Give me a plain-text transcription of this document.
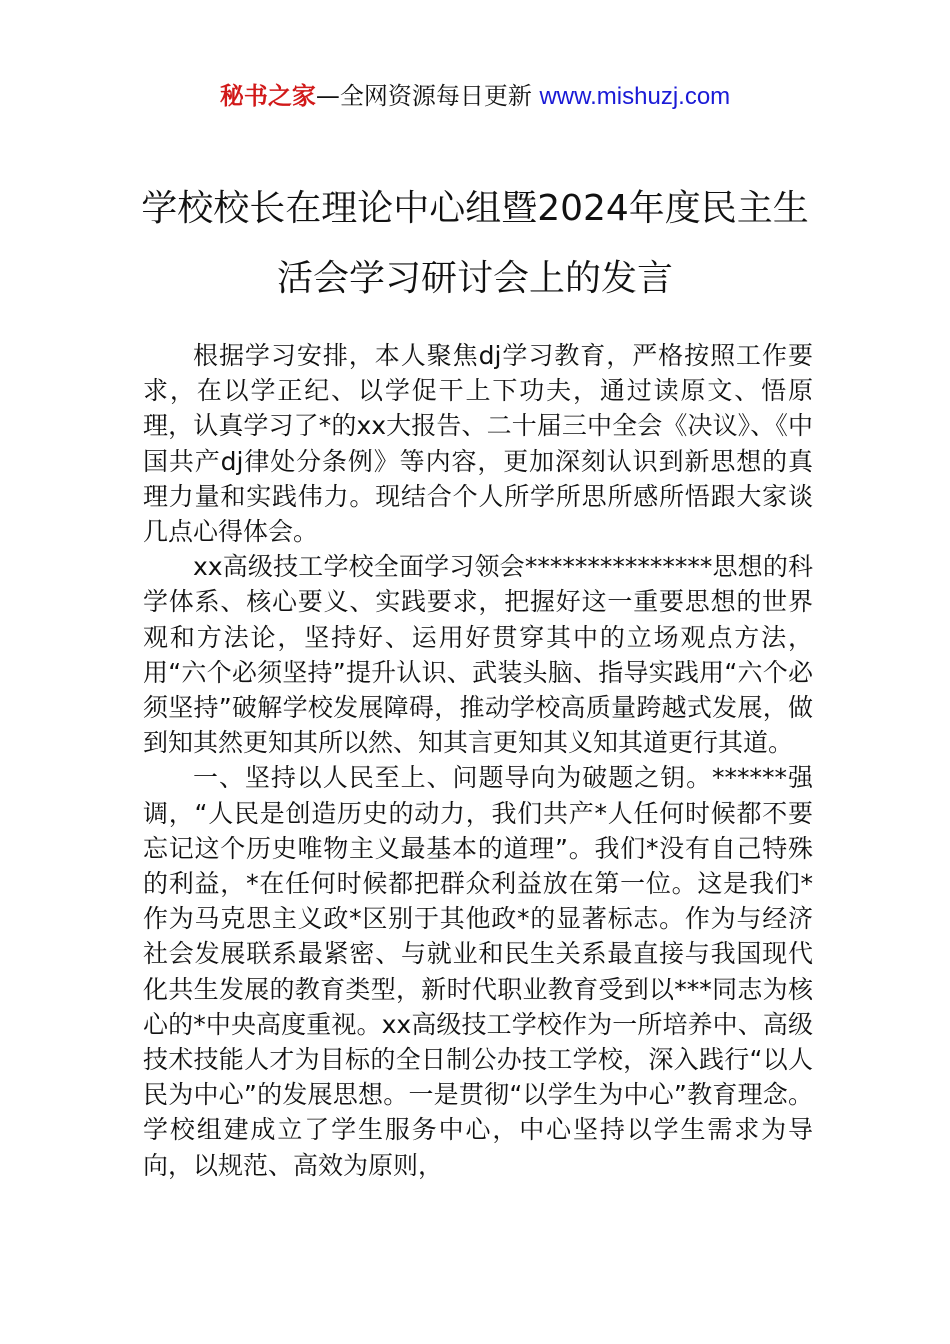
秘书之家—全网资源每日更新 www.mishuzj.com
学校校长在理论中心组暨2024年度民主生
活会学习研讨会上的发言

根据学习安排，本人聚焦dj学习教育，严格按照工作要求，在以学正纪、以学促干上下功夫，通过读原文、悟原理，认真学习了*的xx大报告、二十届三中全会《决议》、《中国共产dj律处分条例》等内容，更加深刻认识到新思想的真理力量和实践伟力。现结合个人所学所思所感所悟跟大家谈几点心得体会。

xx高级技工学校全面学习领会***************思想的科学体系、核心要义、实践要求，把握好这一重要思想的世界观和方法论，坚持好、运用好贯穿其中的立场观点方法，用“六个必须坚持”提升认识、武装头脑、指导实践用“六个必须坚持”破解学校发展障碍，推动学校高质量跨越式发展，做到知其然更知其所以然、知其言更知其义知其道更行其道。

一、坚持以人民至上、问题导向为破题之钥。******强调，“人民是创造历史的动力，我们共产*人任何时候都不要忘记这个历史唯物主义最基本的道理”。我们*没有自己特殊的利益，*在任何时候都把群众利益放在第一位。这是我们*作为马克思主义政*区别于其他政*的显著标志。作为与经济社会发展联系最紧密、与就业和民生关系最直接与我国现代化共生发展的教育类型，新时代职业教育受到以***同志为核心的*中央高度重视。xx高级技工学校作为一所培养中、高级技术技能人才为目标的全日制公办技工学校，深入践行“以人民为中心”的发展思想。一是贯彻“以学生为中心”教育理念。学校组建成立了学生服务中心，中心坚持以学生需求为导向，以规范、高效为原则，
